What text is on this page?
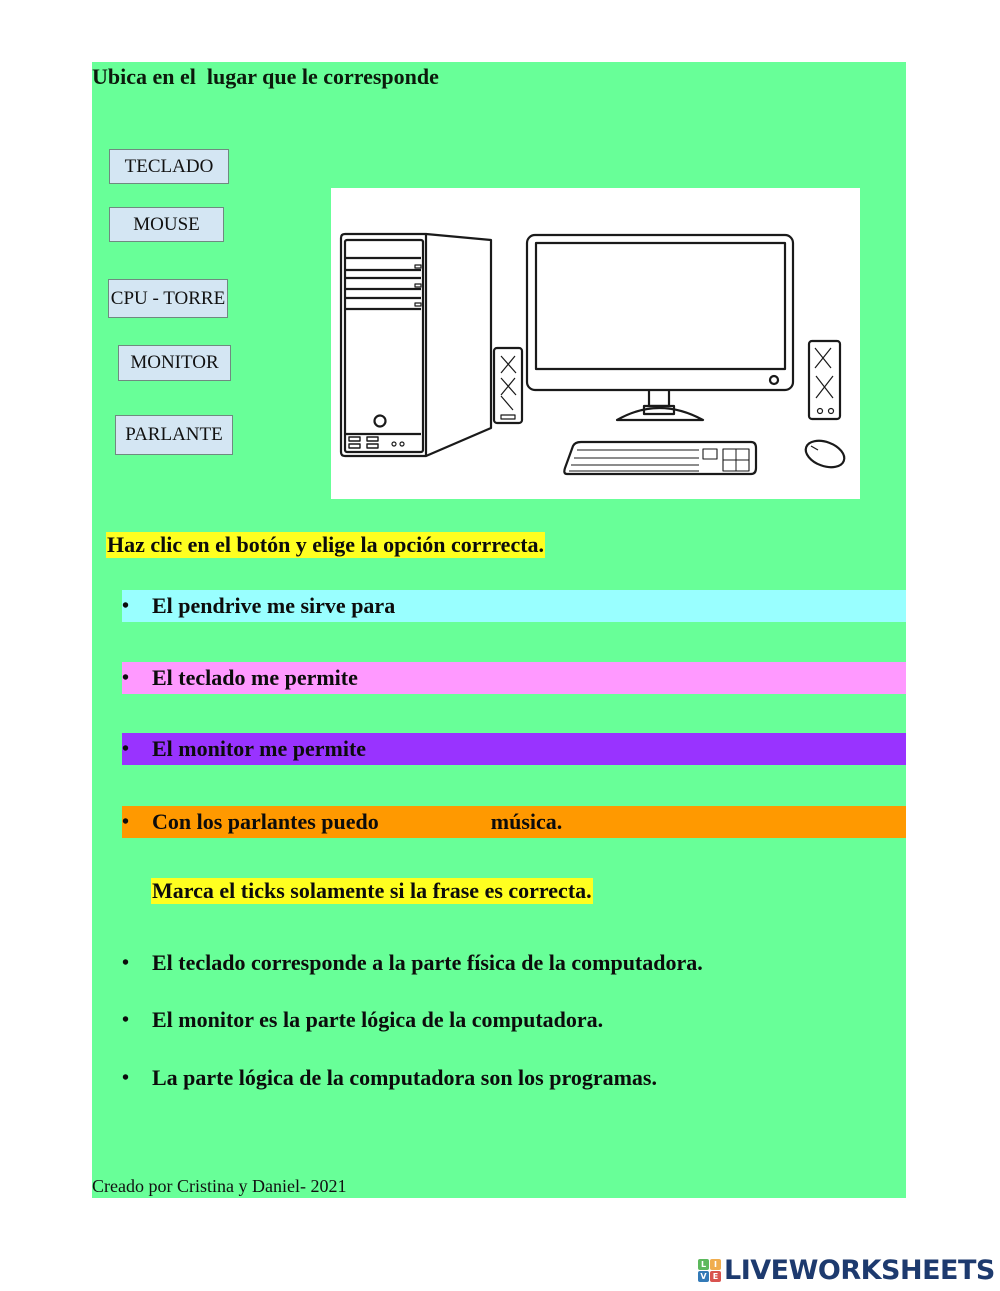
Ubica en el  lugar que le corresponde
TECLADO
MOUSE
CPU - TORRE
MONITOR
PARLANTE
Haz clic en el botón y elige la opción corrrecta.
•	El pendrive me sirve para
•	El teclado me permite
•	El monitor me permite
•	Con los parlantes puedo	música.
Marca el ticks solamente si la frase es correcta.
•	El teclado corresponde a la parte física de la computadora.
•	El monitor es la parte lógica de la computadora.
•	La parte lógica de la computadora son los programas.
Creado por Cristina y Daniel- 2021
L I
V E LIVEWORKSHEETS
